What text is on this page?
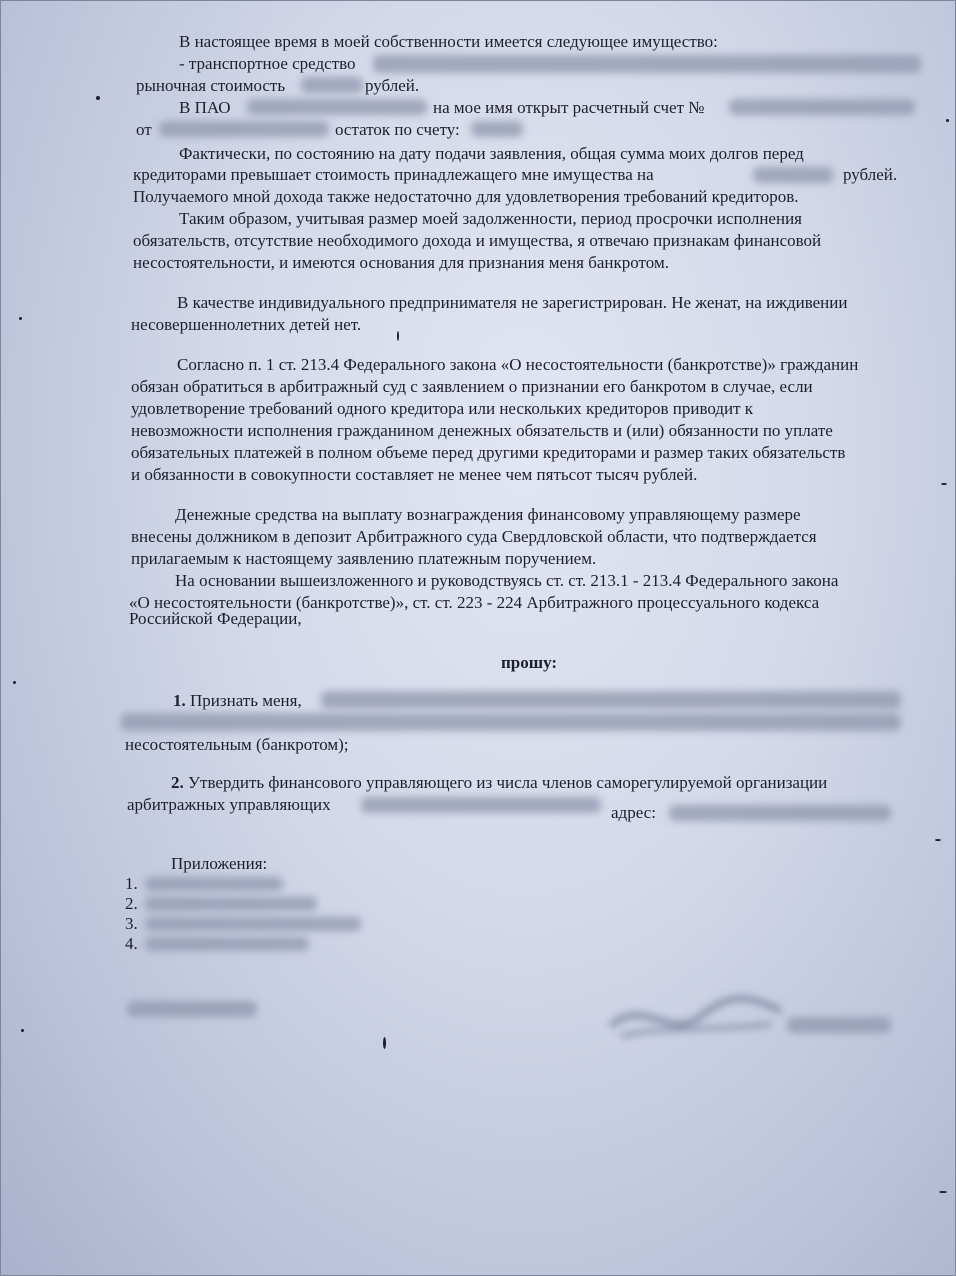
В настоящее время в моей собственности имеется следующее имущество:
- транспортное средство
рыночная стоимость	рублей.
В ПАО	на мое имя открыт расчетный счет №
от	остаток по счету:
Фактически, по состоянию на дату подачи заявления, общая сумма моих долгов перед
кредиторами превышает стоимость принадлежащего мне имущества на	рублей.
Получаемого мной дохода также недостаточно для удовлетворения требований кредиторов.
Таким образом, учитывая размер моей задолженности, период просрочки исполнения
обязательств, отсутствие необходимого дохода и имущества, я отвечаю признакам финансовой
несостоятельности, и имеются основания для признания меня банкротом.
В качестве индивидуального предпринимателя не зарегистрирован. Не женат, на иждивении
несовершеннолетних детей нет.
Согласно п. 1 ст. 213.4 Федерального закона «О несостоятельности (банкротстве)» гражданин
обязан обратиться в арбитражный суд с заявлением о признании его банкротом в случае, если
удовлетворение требований одного кредитора или нескольких кредиторов приводит к
невозможности исполнения гражданином денежных обязательств и (или) обязанности по уплате
обязательных платежей в полном объеме перед другими кредиторами и размер таких обязательств
и обязанности в совокупности составляет не менее чем пятьсот тысяч рублей.
Денежные средства на выплату вознаграждения финансовому управляющему размере
внесены должником в депозит Арбитражного суда Свердловской области, что подтверждается
прилагаемым к настоящему заявлению платежным поручением.
На основании вышеизложенного и руководствуясь ст. ст. 213.1 - 213.4 Федерального закона
«О несостоятельности (банкротстве)», ст. ст. 223 - 224 Арбитражного процессуального кодекса
Российской Федерации,
прошу:
1. Признать меня,
несостоятельным (банкротом);
2. Утвердить финансового управляющего из числа членов саморегулируемой организации
арбитражных управляющих	адрес:
Приложения:
1.
2.
3.
4.
